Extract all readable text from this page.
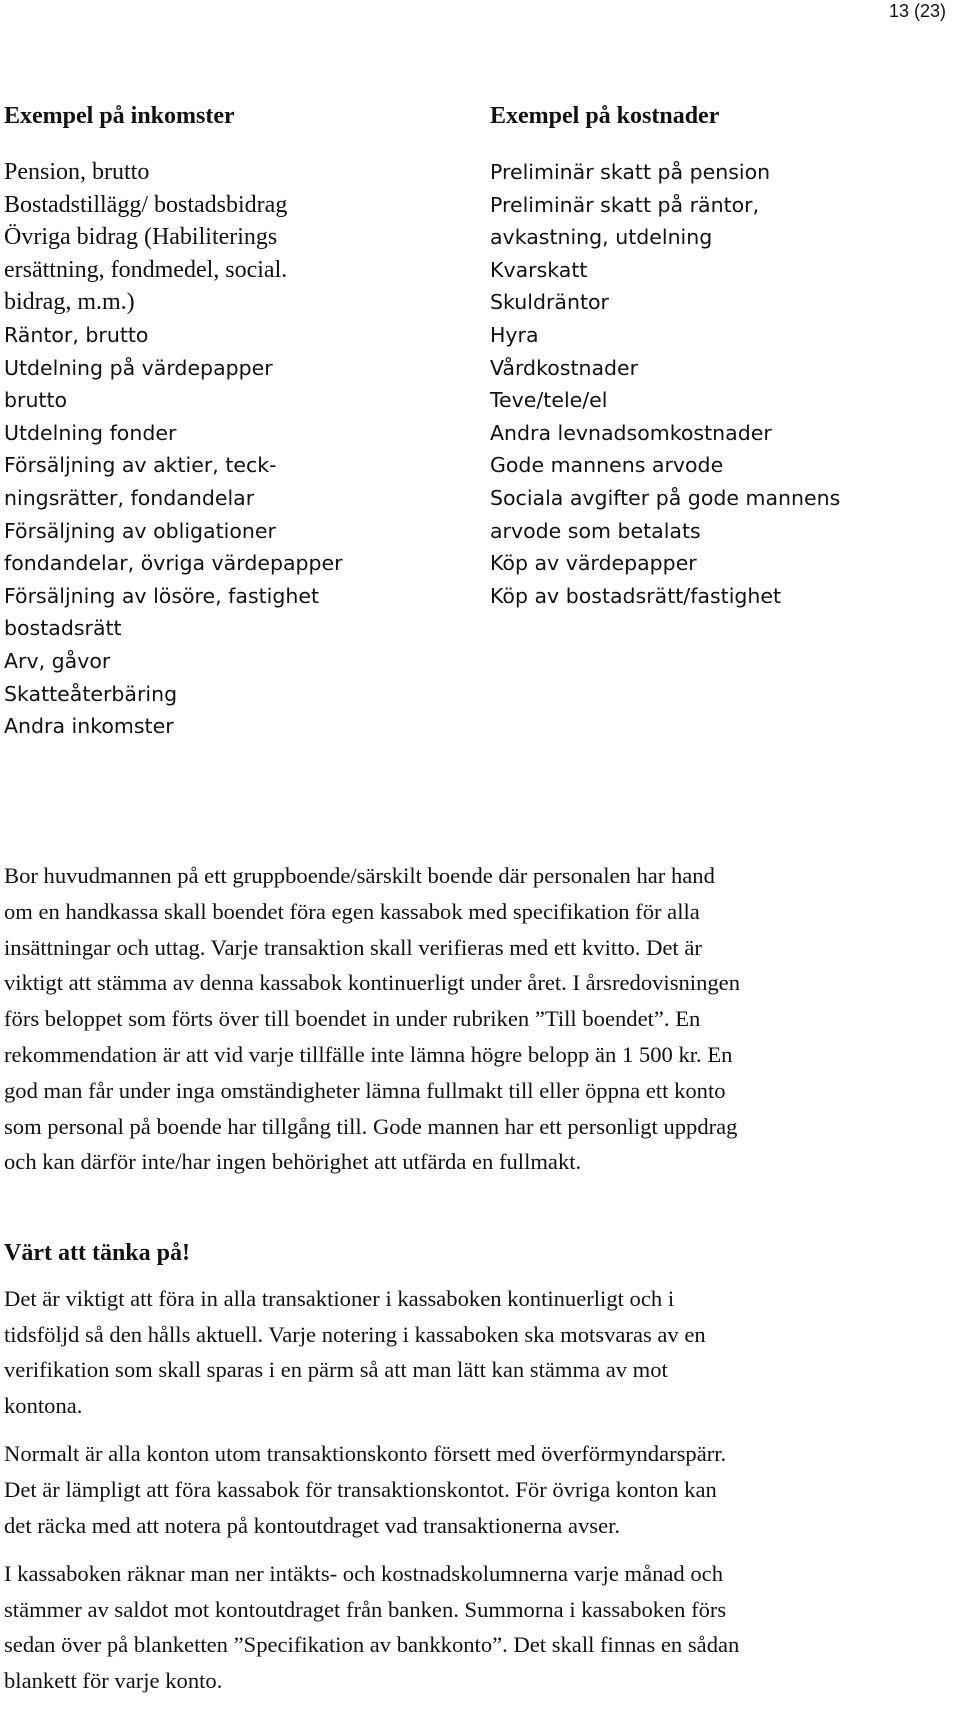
13 (23)
Exempel på inkomster
Pension, brutto
Bostadstillägg/ bostadsbidrag
Övriga bidrag (Habiliterings
ersättning, fondmedel, social.
bidrag, m.m.)
Räntor, brutto
Utdelning på värdepapper
brutto
Utdelning fonder
Försäljning av aktier, teck-
ningsrätter, fondandelar
Försäljning av obligationer
fondandelar, övriga värdepapper
Försäljning av lösöre, fastighet
bostadsrätt
Arv, gåvor
Skatteåterbäring
Andra inkomster
Exempel på kostnader
Preliminär skatt på pension
Preliminär skatt på räntor,
avkastning, utdelning
Kvarskatt
Skuldräntor
Hyra
Vårdkostnader
Teve/tele/el
Andra levnadsomkostnader
Gode mannens arvode
Sociala avgifter på gode mannens
arvode som betalats
Köp av värdepapper
Köp av bostadsrätt/fastighet
Bor huvudmannen på ett gruppboende/särskilt boende där personalen har hand
om en handkassa skall boendet föra egen kassabok med specifikation för alla
insättningar och uttag. Varje transaktion skall verifieras med ett kvitto. Det är
viktigt att stämma av denna kassabok kontinuerligt under året. I årsredovisningen
förs beloppet som förts över till boendet in under rubriken ”Till boendet”. En
rekommendation är att vid varje tillfälle inte lämna högre belopp än 1 500 kr. En
god man får under inga omständigheter lämna fullmakt till eller öppna ett konto
som personal på boende har tillgång till. Gode mannen har ett personligt uppdrag
och kan därför inte/har ingen behörighet att utfärda en fullmakt.
Värt att tänka på!

Det är viktigt att föra in alla transaktioner i kassaboken kontinuerligt och i
tidsföljd så den hålls aktuell. Varje notering i kassaboken ska motsvaras av en
verifikation som skall sparas i en pärm så att man lätt kan stämma av mot
kontona.

Normalt är alla konton utom transaktionskonto försett med överförmyndarspärr.
Det är lämpligt att föra kassabok för transaktionskontot. För övriga konton kan
det räcka med att notera på kontoutdraget vad transaktionerna avser.

I kassaboken räknar man ner intäkts- och kostnadskolumnerna varje månad och
stämmer av saldot mot kontoutdraget från banken. Summorna i kassaboken förs
sedan över på blanketten ”Specifikation av bankkonto”. Det skall finnas en sådan
blankett för varje konto.
